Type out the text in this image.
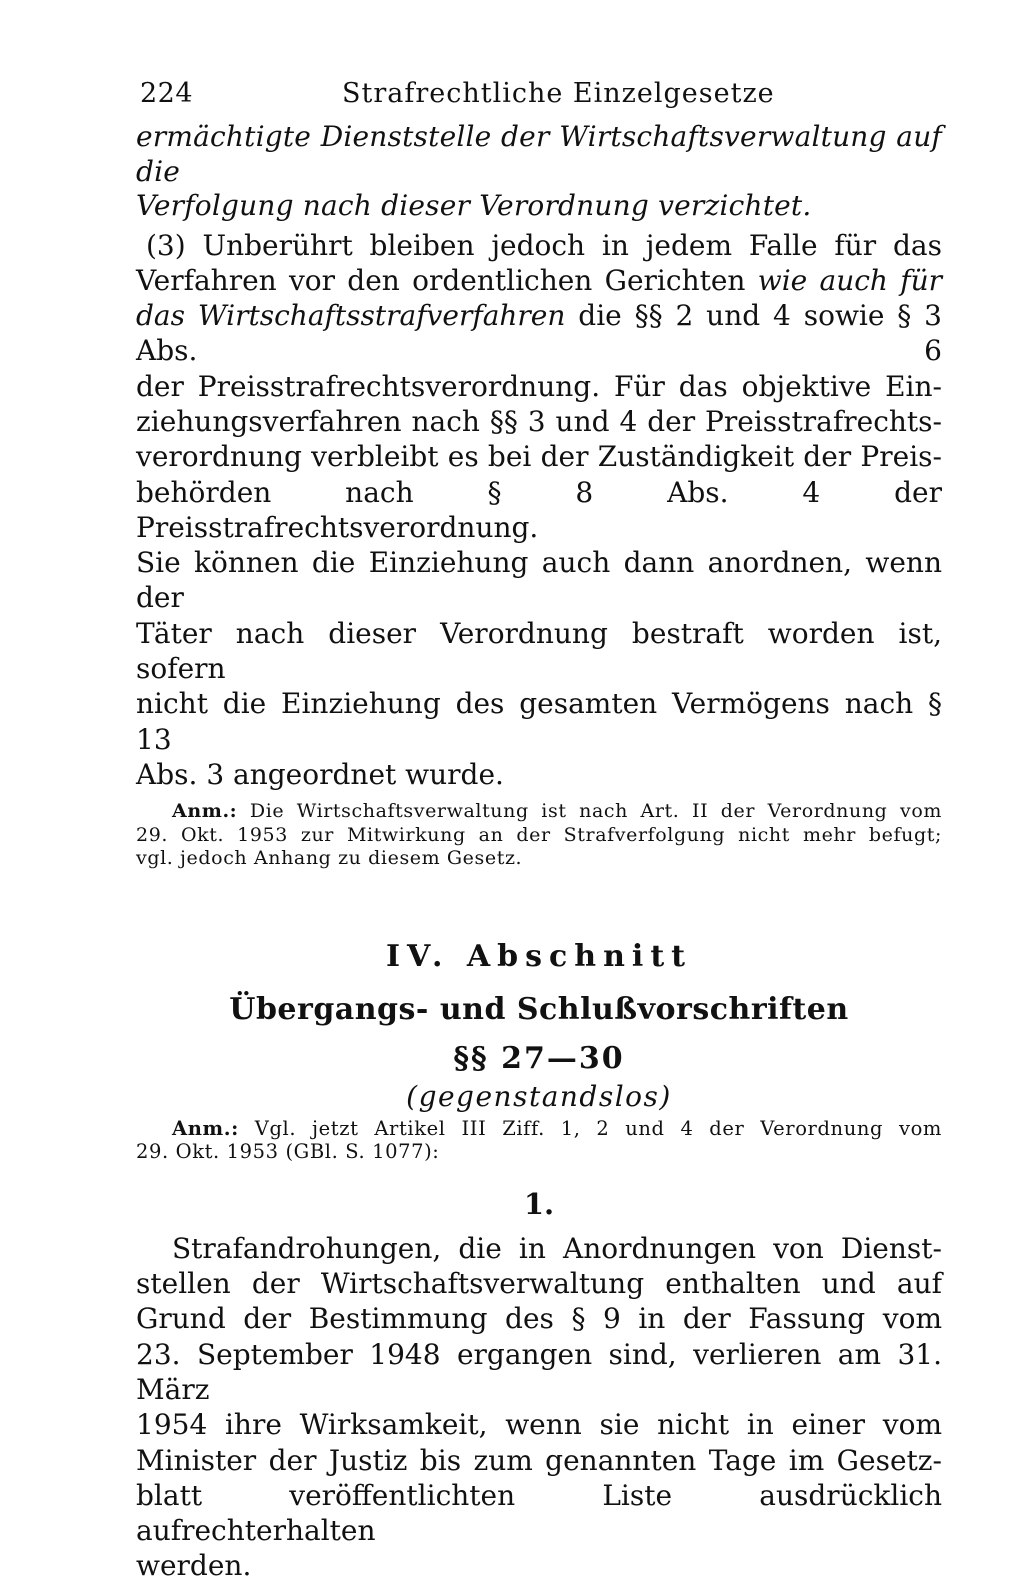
224	Strafrechtliche Einzelgesetze
ermächtigte Dienststelle der Wirtschaftsverwaltung auf die
Verfolgung nach dieser Verordnung verzichtet.
(3) Unberührt bleiben jedoch in jedem Falle für das
Verfahren vor den ordentlichen Gerichten wie auch für
das Wirtschaftsstrafverfahren die §§ 2 und 4 sowie § 3 Abs. 6
der Preisstrafrechtsverordnung. Für das objektive Ein-
ziehungsverfahren nach §§ 3 und 4 der Preisstrafrechts-
verordnung verbleibt es bei der Zuständigkeit der Preis-
behörden nach § 8 Abs. 4 der Preisstrafrechtsverordnung.
Sie können die Einziehung auch dann anordnen, wenn der
Täter nach dieser Verordnung bestraft worden ist, sofern
nicht die Einziehung des gesamten Vermögens nach § 13
Abs. 3 angeordnet wurde.
Anm.: Die Wirtschaftsverwaltung ist nach Art. II der Verordnung vom
29. Okt. 1953 zur Mitwirkung an der Strafverfolgung nicht mehr befugt;
vgl. jedoch Anhang zu diesem Gesetz.
IV. Abschnitt
Übergangs- und Schlußvorschriften
§§ 27—30
(gegenstandslos)
Anm.: Vgl. jetzt Artikel III Ziff. 1, 2 und 4 der Verordnung vom
29. Okt. 1953 (GBl. S. 1077):
1.
Strafandrohungen, die in Anordnungen von Dienst-
stellen der Wirtschaftsverwaltung enthalten und auf
Grund der Bestimmung des § 9 in der Fassung vom
23. September 1948 ergangen sind, verlieren am 31. März
1954 ihre Wirksamkeit, wenn sie nicht in einer vom
Minister der Justiz bis zum genannten Tage im Gesetz-
blatt veröffentlichten Liste ausdrücklich aufrechterhalten
werden.
